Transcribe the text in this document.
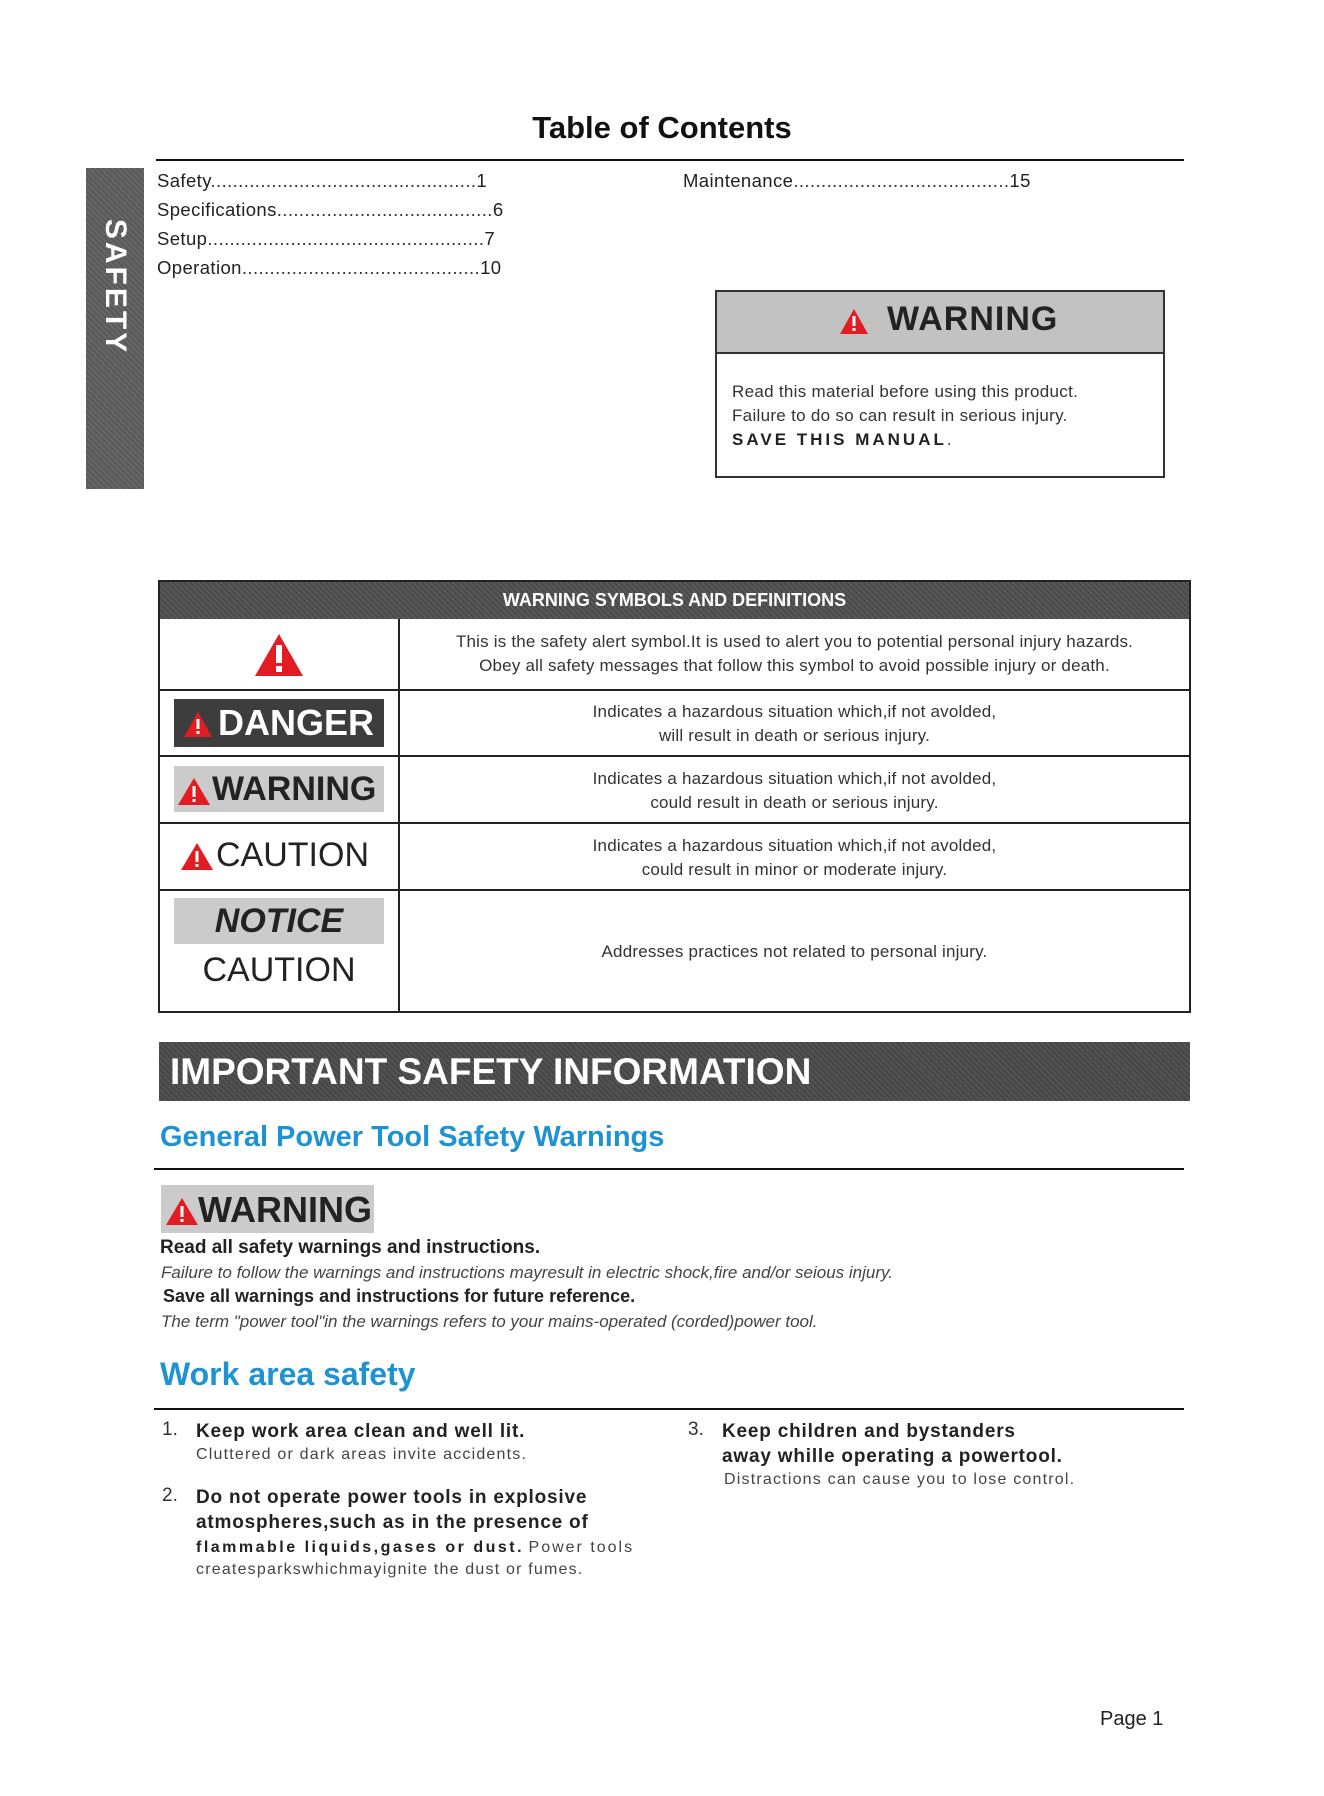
SAFETY
Table of Contents
Safety................................................1
Specifications.......................................6
Setup..................................................7
Operation...........................................10
Maintenance.......................................15
WARNING
Read this material before using this product.
Failure to do so can result in serious injury.
SAVE THIS MANUAL.
WARNING SYMBOLS AND DEFINITIONS
This is the safety alert symbol.It is used to alert you to potential personal injury hazards.
Obey all safety messages that follow this symbol to avoid possible injury or death.
DANGER	Indicates a hazardous situation which,if not avolded,
will result in death or serious injury.
WARNING	Indicates a hazardous situation which,if not avolded,
could result in death or serious injury.
CAUTION	Indicates a hazardous situation which,if not avolded,
could result in minor or moderate injury.
NOTICE
CAUTION	Addresses practices not related to personal injury.
IMPORTANT SAFETY INFORMATION
General Power Tool Safety Warnings
WARNING
Read all safety warnings and instructions.
Failure to follow the warnings and instructions mayresult in electric shock,fire and/or seious injury.
Save all warnings and instructions for future reference.
The term "power tool"in the warnings refers to your mains-operated (corded)power tool.
Work area safety
1. Keep work area clean and well lit.
Cluttered or dark areas invite accidents.
2. Do not operate power tools in explosive
atmospheres,such as in the presence of
flammable liquids,gases or dust. Power tools
createsparkswhichmayignite the dust or fumes.
3. Keep children and bystanders
away whille operating a powertool.
Distractions can cause you to lose control.
Page 1
